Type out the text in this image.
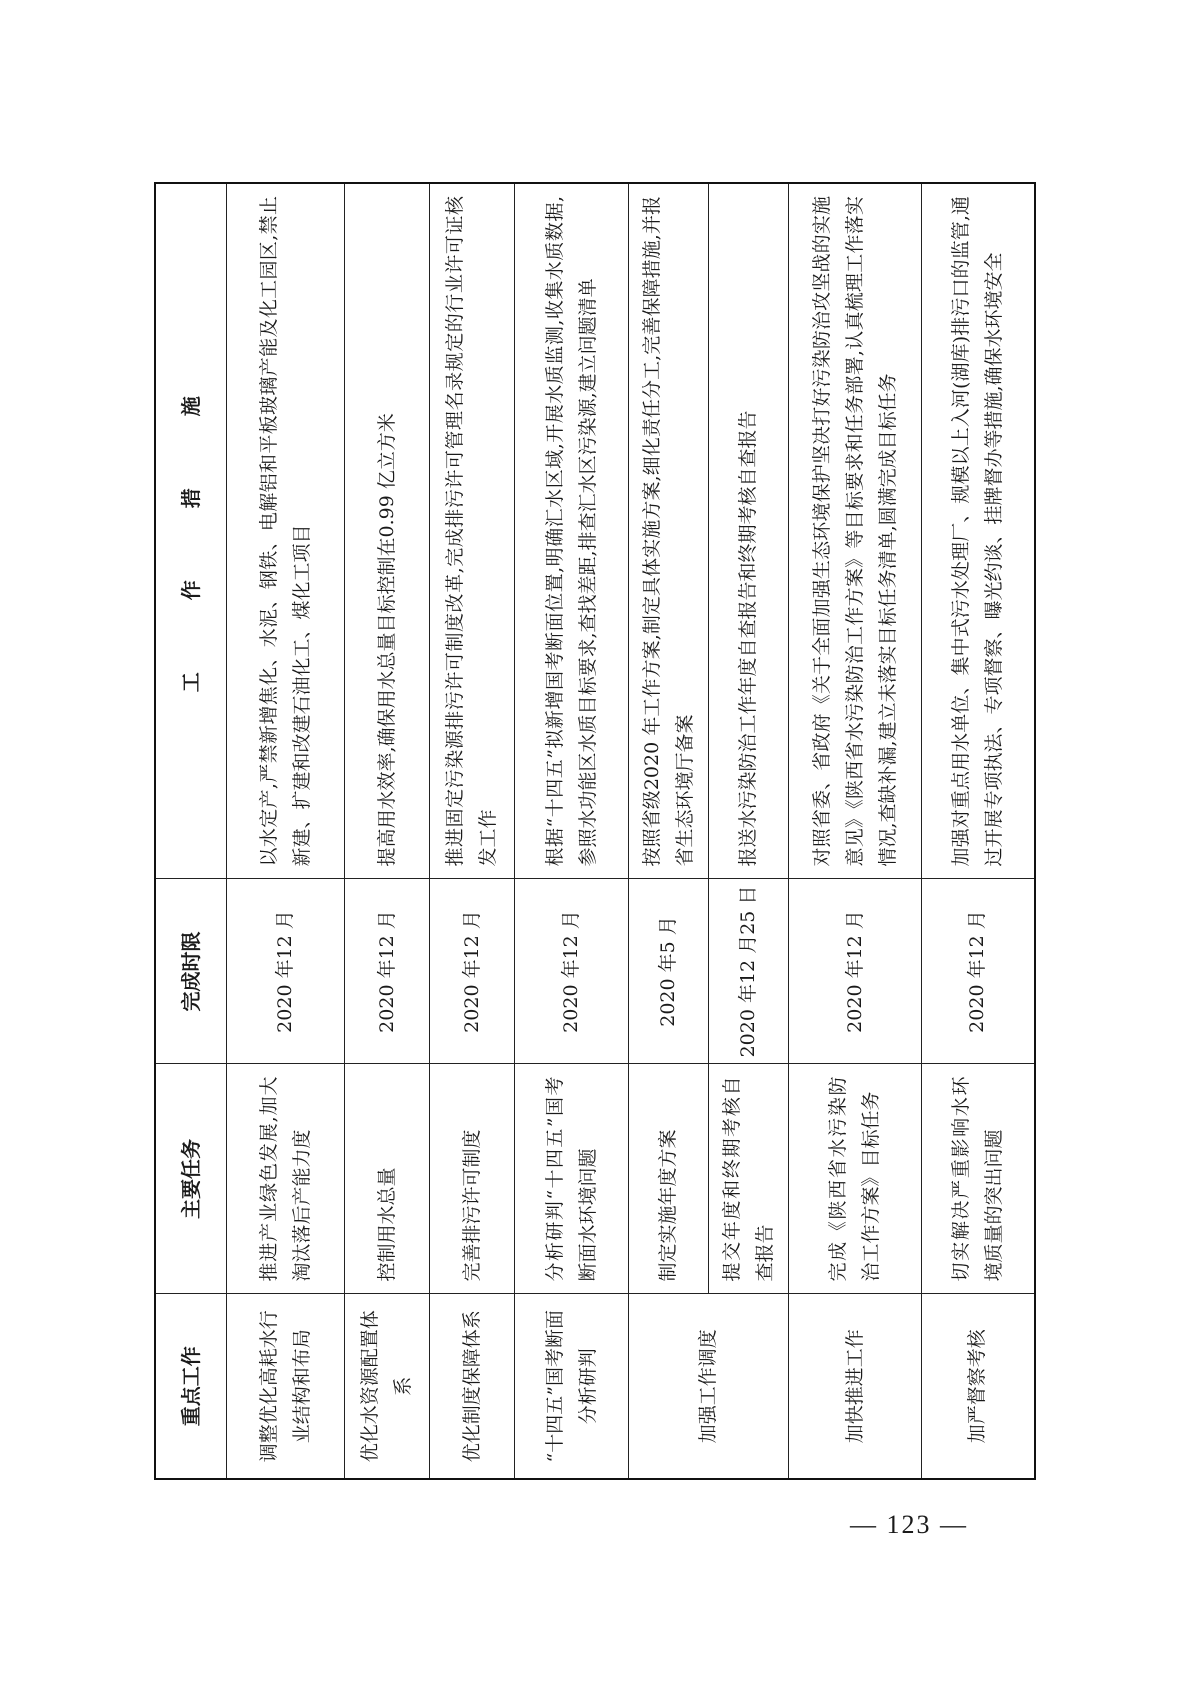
重点工作	主要任务	完成时限	工　作　措　施
调整优化高耗水行业结构和布局	推进产业绿色发展,加大淘汰落后产能力度	2020 年12 月	以水定产,严禁新增焦化、水泥、钢铁、电解铝和平板玻璃产能及化工园区,禁止新建、扩建和改建石油化工、煤化工项目
优化水资源配置体系	控制用水总量	2020 年12 月	提高用水效率,确保用水总量目标控制在0.99 亿立方米
优化制度保障体系	完善排污许可制度	2020 年12 月	推进固定污染源排污许可制度改革,完成排污许可管理名录规定的行业许可证核发工作
“十四五”国考断面分析研判	分析研判“十四五”国考断面水环境问题	2020 年12 月	根据“十四五”拟新增国考断面位置,明确汇水区域,开展水质监测,收集水质数据,参照水功能区水质目标要求,查找差距,排查汇水区污染源,建立问题清单
加强工作调度	制定实施年度方案	2020 年5 月	按照省级2020 年工作方案,制定具体实施方案,细化责任分工,完善保障措施,并报省生态环境厅备案
	提交年度和终期考核自查报告	2020 年12 月25 日	报送水污染防治工作年度自查报告和终期考核自查报告
加快推进工作	完成《陕西省水污染防治工作方案》目标任务	2020 年12 月	对照省委、省政府《关于全面加强生态环境保护坚决打好污染防治攻坚战的实施意见》《陕西省水污染防治工作方案》等目标要求和任务部署,认真梳理工作落实情况,查缺补漏,建立未落实目标任务清单,圆满完成目标任务
加严督察考核	切实解决严重影响水环境质量的突出问题	2020 年12 月	加强对重点用水单位、集中式污水处理厂、规模以上入河(湖库)排污口的监管,通过开展专项执法、专项督察、曝光约谈、挂牌督办等措施,确保水环境安全
— 123 —
